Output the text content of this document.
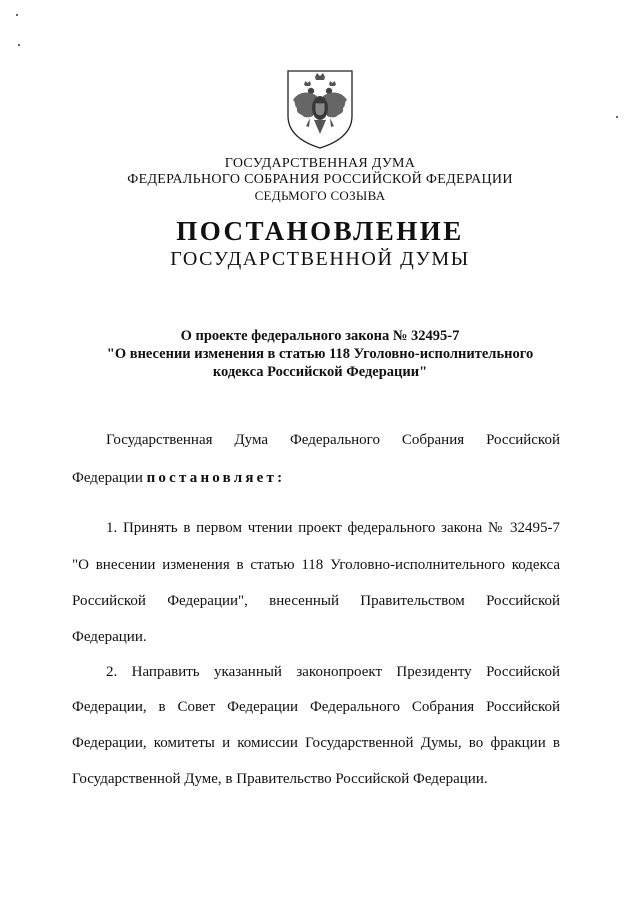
ГОСУДАРСТВЕННАЯ ДУМА
ФЕДЕРАЛЬНОГО СОБРАНИЯ РОССИЙСКОЙ ФЕДЕРАЦИИ
СЕДЬМОГО СОЗЫВА
ПОСТАНОВЛЕНИЕ
ГОСУДАРСТВЕННОЙ ДУМЫ
О проекте федерального закона № 32495-7
"О внесении изменения в статью 118 Уголовно-исполнительного
кодекса Российской Федерации"
Государственная Дума Федерального Собрания Российской
Федерации постановляет:
1. Принять в первом чтении проект федерального закона № 32495-7
"О внесении изменения в статью 118 Уголовно-исполнительного кодекса
Российской Федерации", внесенный Правительством Российской
Федерации.
2. Направить указанный законопроект Президенту Российской
Федерации, в Совет Федерации Федерального Собрания Российской
Федерации, комитеты и комиссии Государственной Думы, во фракции в
Государственной Думе, в Правительство Российской Федерации.
